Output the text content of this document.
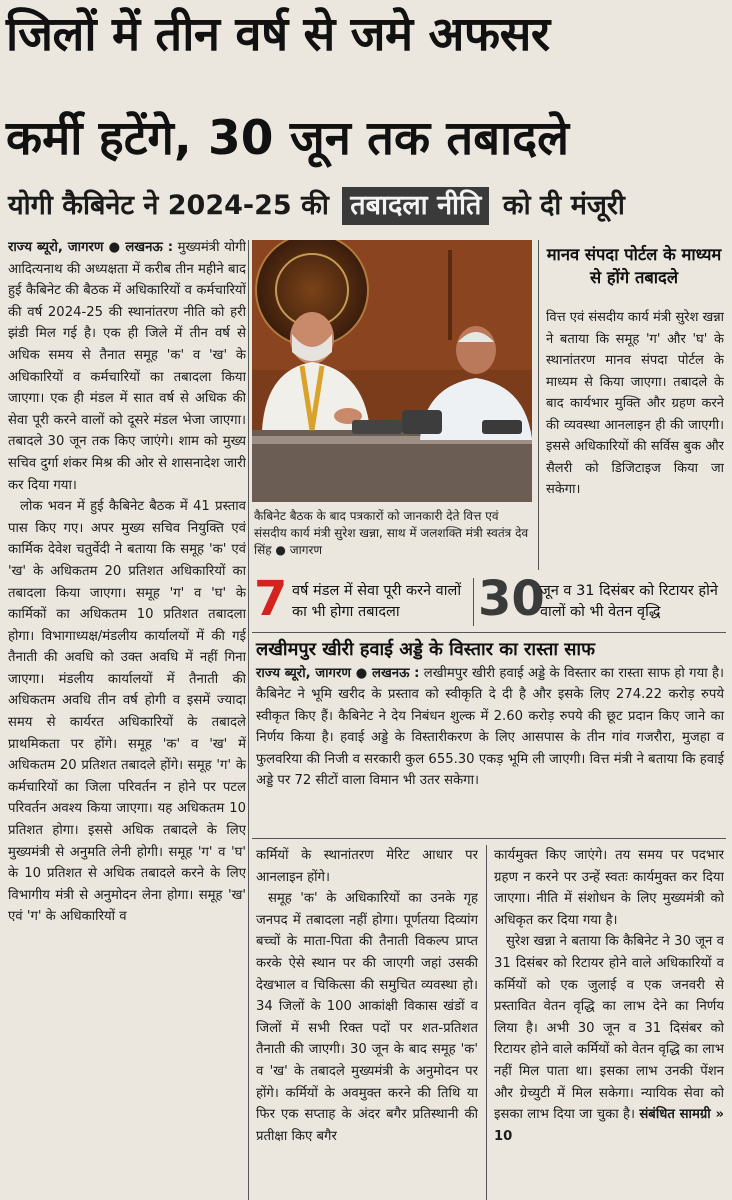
जिलों में तीन वर्ष से जमे अफसर
कर्मी हटेंगे, 30 जून तक तबादले
योगी कैबिनेट ने 2024-25 की तबादला नीति को दी मंजूरी

राज्य ब्यूरो, जागरण ● लखनऊ : मुख्यमंत्री योगी आदित्यनाथ की अध्यक्षता में करीब तीन महीने बाद हुई कैबिनेट की बैठक में अधिकारियों व कर्मचारियों की वर्ष 2024-25 की स्थानांतरण नीति को हरी झंडी मिल गई है। एक ही जिले में तीन वर्ष से अधिक समय से तैनात समूह 'क' व 'ख' के अधिकारियों व कर्मचारियों का तबादला किया जाएगा। एक ही मंडल में सात वर्ष से अधिक की सेवा पूरी करने वालों को दूसरे मंडल भेजा जाएगा। तबादले 30 जून तक किए जाएंगे। शाम को मुख्य सचिव दुर्गा शंकर मिश्र की ओर से शासनादेश जारी कर दिया गया।

लोक भवन में हुई कैबिनेट बैठक में 41 प्रस्ताव पास किए गए। अपर मुख्य सचिव नियुक्ति एवं कार्मिक देवेश चतुर्वेदी ने बताया कि समूह 'क' एवं 'ख' के अधिकतम 20 प्रतिशत अधिकारियों का तबादला किया जाएगा। समूह 'ग' व 'घ' के कार्मिकों का अधिकतम 10 प्रतिशत तबादला होगा। विभागाध्यक्ष/मंडलीय कार्यालयों में की गई तैनाती की अवधि को उक्त अवधि में नहीं गिना जाएगा। मंडलीय कार्यालयों में तैनाती की अधिकतम अवधि तीन वर्ष होगी व इसमें ज्यादा समय से कार्यरत अधिकारियों के तबादले प्राथमिकता पर होंगे। समूह 'क' व 'ख' में अधिकतम 20 प्रतिशत तबादले होंगे। समूह 'ग' के कर्मचारियों का जिला परिवर्तन न होने पर पटल परिवर्तन अवश्य किया जाएगा। यह अधिकतम 10 प्रतिशत होगा। इससे अधिक तबादले के लिए मुख्यमंत्री से अनुमति लेनी होगी। समूह 'ग' व 'घ' के 10 प्रतिशत से अधिक तबादले करने के लिए विभागीय मंत्री से अनुमोदन लेना होगा। समूह 'ख' एवं 'ग' के अधिकारियों व

कैबिनेट बैठक के बाद पत्रकारों को जानकारी देते वित्त एवं संसदीय कार्य मंत्री सुरेश खन्ना, साथ में जलशक्ति मंत्री स्वतंत्र देव सिंह ● जागरण
मानव संपदा पोर्टल के माध्यम से होंगे तबादले

वित्त एवं संसदीय कार्य मंत्री सुरेश खन्ना ने बताया कि समूह 'ग' और 'घ' के स्थानांतरण मानव संपदा पोर्टल के माध्यम से किया जाएगा। तबादले के बाद कार्यभार मुक्ति और ग्रहण करने की व्यवस्था आनलाइन ही की जाएगी। इससे अधिकारियों की सर्विस बुक और सैलरी को डिजिटाइज किया जा सकेगा।

7 वर्ष मंडल में सेवा पूरी करने वालों का भी होगा तबादला	30
जून व 31 दिसंबर को रिटायर होने वालों को भी वेतन वृद्धि
लखीमपुर खीरी हवाई अड्डे के विस्तार का रास्ता साफ

राज्य ब्यूरो, जागरण ● लखनऊ : लखीमपुर खीरी हवाई अड्डे के विस्तार का रास्ता साफ हो गया है। कैबिनेट ने भूमि खरीद के प्रस्ताव को स्वीकृति दे दी है और इसके लिए 274.22 करोड़ रुपये स्वीकृत किए हैं। कैबिनेट ने देय निबंधन शुल्क में 2.60 करोड़ रुपये की छूट प्रदान किए जाने का निर्णय किया है। हवाई अड्डे के विस्तारीकरण के लिए आसपास के तीन गांव गजरौरा, मुजहा व फुलवरिया की निजी व सरकारी कुल 655.30 एकड़ भूमि ली जाएगी। वित्त मंत्री ने बताया कि हवाई अड्डे पर 72 सीटों वाला विमान भी उतर सकेगा।

कर्मियों के स्थानांतरण मेरिट आधार पर आनलाइन होंगे।

समूह 'क' के अधिकारियों का उनके गृह जनपद में तबादला नहीं होगा। पूर्णतया दिव्यांग बच्चों के माता-पिता की तैनाती विकल्प प्राप्त करके ऐसे स्थान पर की जाएगी जहां उसकी देखभाल व चिकित्सा की समुचित व्यवस्था हो। 34 जिलों के 100 आकांक्षी विकास खंडों व जिलों में सभी रिक्त पदों पर शत-प्रतिशत तैनाती की जाएगी। 30 जून के बाद समूह 'क' व 'ख' के तबादले मुख्यमंत्री के अनुमोदन पर होंगे। कर्मियों के अवमुक्त करने की तिथि या फिर एक सप्ताह के अंदर बगैर प्रतिस्थानी की प्रतीक्षा किए बगैर

कार्यमुक्त किए जाएंगे। तय समय पर पदभार ग्रहण न करने पर उन्हें स्वतः कार्यमुक्त कर दिया जाएगा। नीति में संशोधन के लिए मुख्यमंत्री को अधिकृत कर दिया गया है।

सुरेश खन्ना ने बताया कि कैबिनेट ने 30 जून व 31 दिसंबर को रिटायर होने वाले अधिकारियों व कर्मियों को एक जुलाई व एक जनवरी से प्रस्तावित वेतन वृद्धि का लाभ देने का निर्णय लिया है। अभी 30 जून व 31 दिसंबर को रिटायर होने वाले कर्मियों को वेतन वृद्धि का लाभ नहीं मिल पाता था। इसका लाभ उनकी पेंशन और ग्रेच्युटी में मिल सकेगा। न्यायिक सेवा को इसका लाभ दिया जा चुका है। संबंधित सामग्री » 10
